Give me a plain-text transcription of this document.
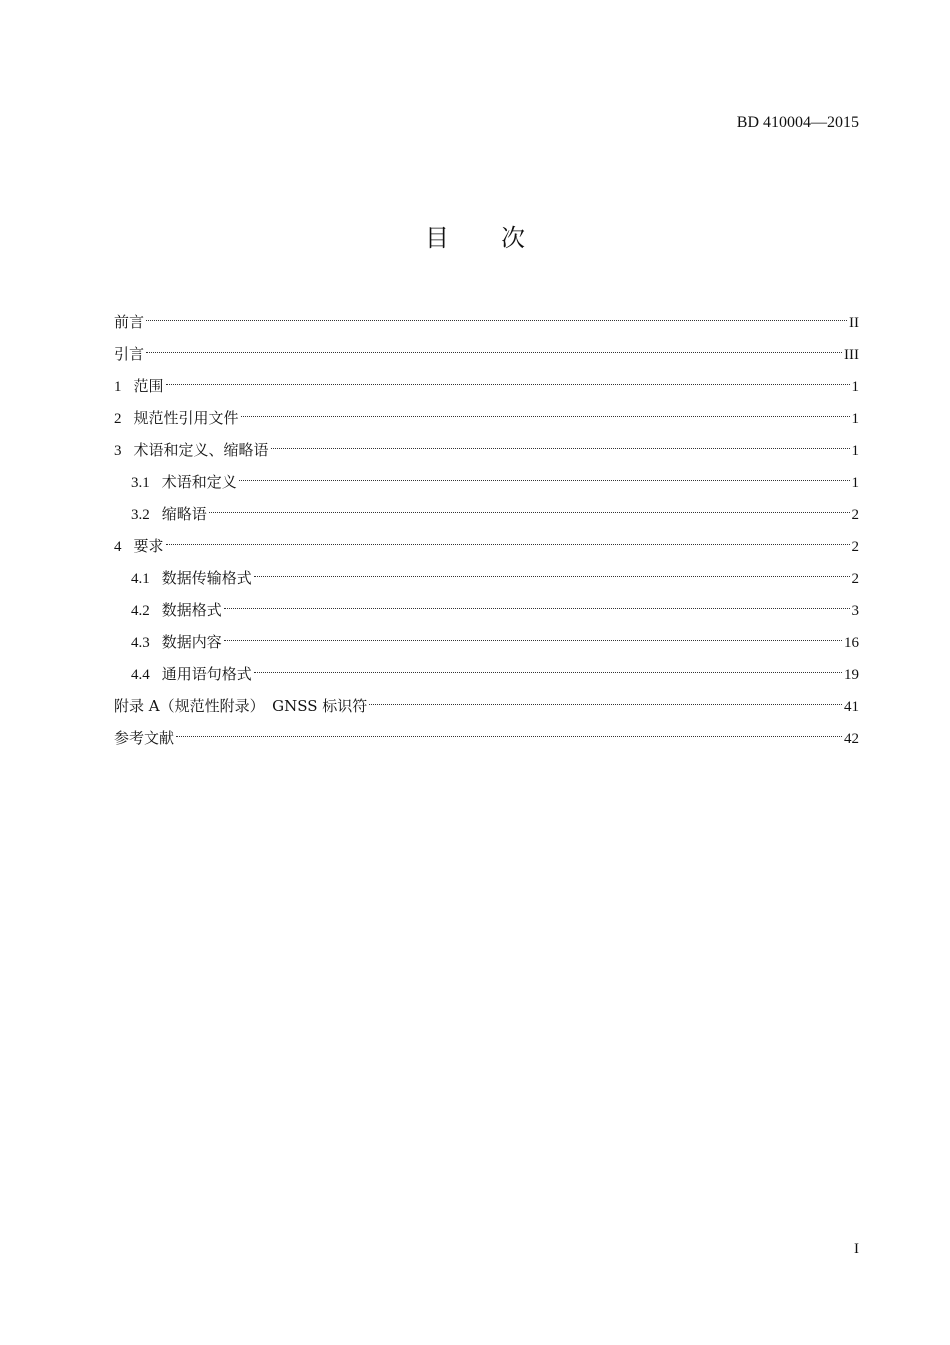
BD 410004—2015
目次
前言	II
引言	III
1 范围	1
2 规范性引用文件	1
3 术语和定义、缩略语	1
3.1 术语和定义	1
3.2 缩略语	2
4 要求	2
4.1 数据传输格式	2
4.2 数据格式	3
4.3 数据内容	16
4.4 通用语句格式	19
附录 A（规范性附录）　GNSS 标识符	41
参考文献	42
I
